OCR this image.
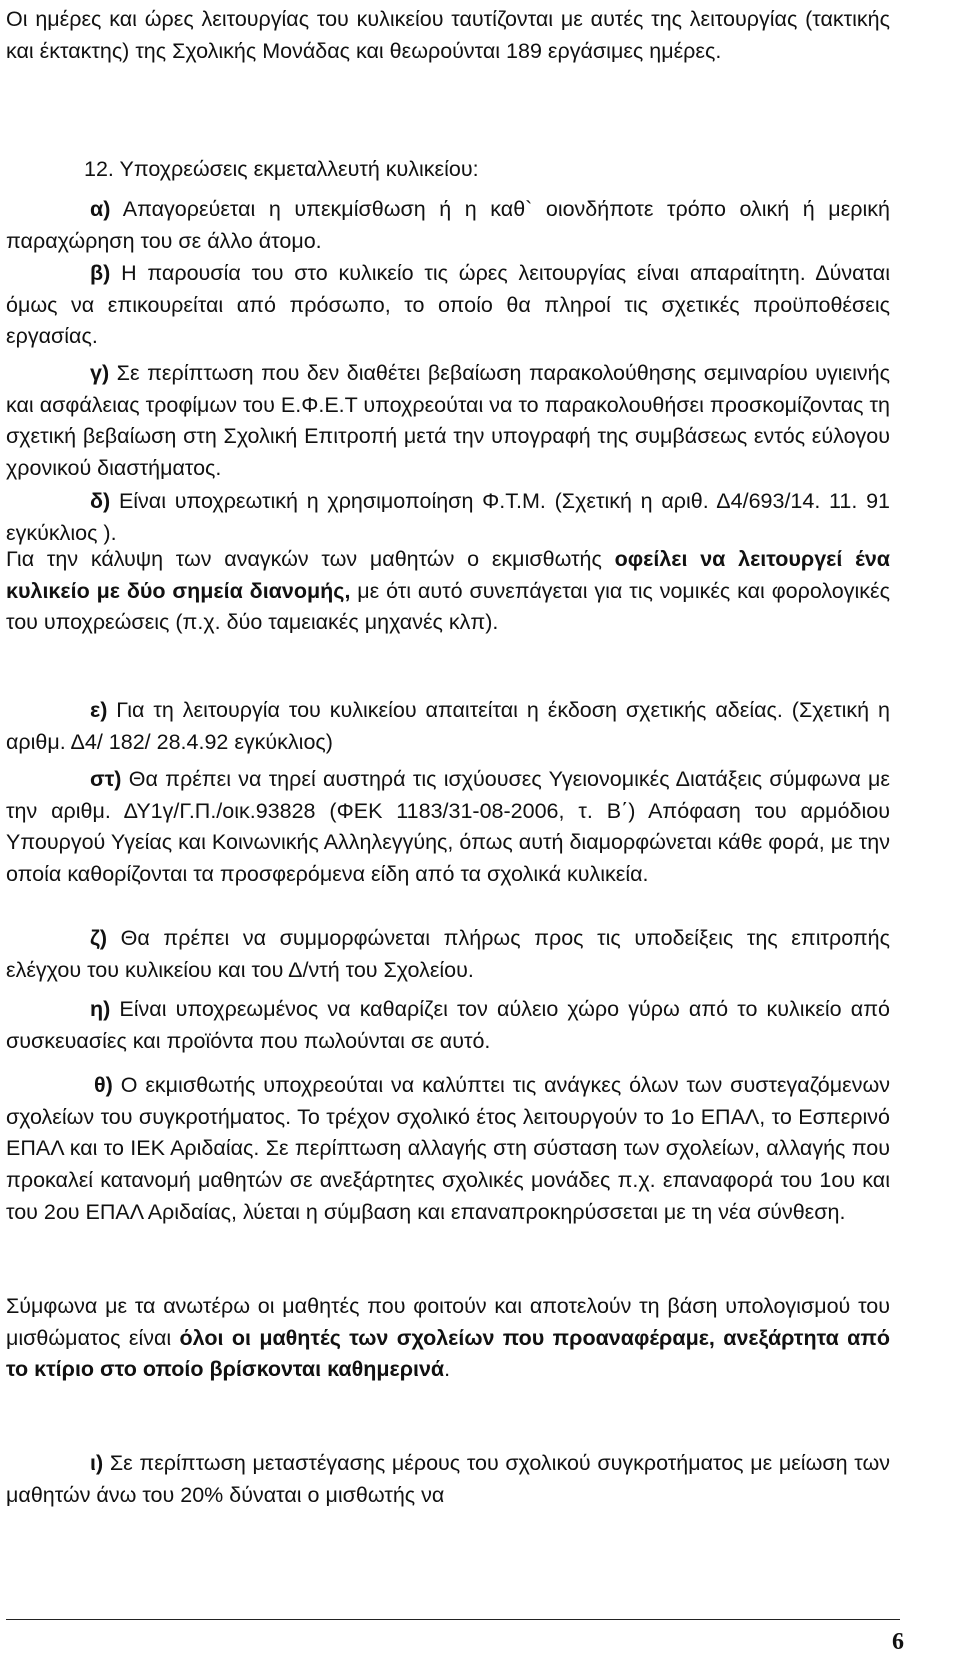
Οι ημέρες και ώρες λειτουργίας του κυλικείου ταυτίζονται με αυτές της λειτουργίας (τακτικής και έκτακτης) της Σχολικής Μονάδας και θεωρούνται 189 εργάσιμες ημέρες.

12. Υποχρεώσεις εκμεταλλευτή κυλικείου:

α) Απαγορεύεται η υπεκμίσθωση ή η καθ` οιονδήποτε τρόπο ολική ή μερική παραχώρηση του σε άλλο άτομο.

β) Η παρουσία του στο κυλικείο τις ώρες λειτουργίας είναι απαραίτητη. Δύναται όμως να επικουρείται από πρόσωπο, το οποίο θα πληροί τις σχετικές προϋποθέσεις εργασίας.

γ) Σε περίπτωση που δεν διαθέτει βεβαίωση παρακολούθησης σεμιναρίου υγιεινής και ασφάλειας τροφίμων του Ε.Φ.Ε.Τ υποχρεούται να το παρακολουθήσει προσκομίζοντας τη σχετική βεβαίωση στη Σχολική Επιτροπή μετά την υπογραφή της συμβάσεως εντός εύλογου χρονικού διαστήματος.

δ) Είναι υποχρεωτική η χρησιμοποίηση Φ.Τ.Μ. (Σχετική η αριθ. Δ4/693/14. 11. 91 εγκύκλιος ).

Για την κάλυψη των αναγκών των μαθητών ο εκμισθωτής οφείλει να λειτουργεί ένα κυλικείο με δύο σημεία διανομής, με ότι αυτό συνεπάγεται για τις νομικές και φορολογικές του υποχρεώσεις (π.χ. δύο ταμειακές μηχανές κλπ).

ε) Για τη λειτουργία του κυλικείου απαιτείται η έκδοση σχετικής αδείας. (Σχετική η αριθμ. Δ4/ 182/ 28.4.92 εγκύκλιος)

στ) Θα πρέπει να τηρεί αυστηρά τις ισχύουσες Υγειονομικές Διατάξεις σύμφωνα με την αριθμ. ΔΥ1γ/Γ.Π./οικ.93828 (ΦΕΚ 1183/31-08-2006, τ. Β΄) Απόφαση του αρμόδιου Υπουργού Υγείας και Κοινωνικής Αλληλεγγύης, όπως αυτή διαμορφώνεται κάθε φορά, με την οποία καθορίζονται τα προσφερόμενα είδη από τα σχολικά κυλικεία.

ζ) Θα πρέπει να συμμορφώνεται πλήρως προς τις υποδείξεις της επιτροπής ελέγχου του κυλικείου και του Δ/ντή του Σχολείου.

η) Είναι υποχρεωμένος να καθαρίζει τον αύλειο χώρο γύρω από το κυλικείο από συσκευασίες και προϊόντα που πωλούνται σε αυτό.

θ) Ο εκμισθωτής υποχρεούται να καλύπτει τις ανάγκες όλων των συστεγαζόμενων σχολείων του συγκροτήματος. Το τρέχον σχολικό έτος λειτουργούν το 1ο ΕΠΑΛ, το Εσπερινό ΕΠΑΛ και το ΙΕΚ Αριδαίας. Σε περίπτωση αλλαγής στη σύσταση των σχολείων, αλλαγής που προκαλεί κατανομή μαθητών σε ανεξάρτητες σχολικές μονάδες π.χ. επαναφορά του 1ου και του 2ου ΕΠΑΛ Αριδαίας, λύεται η σύμβαση και επαναπροκηρύσσεται με τη νέα σύνθεση.

Σύμφωνα με τα ανωτέρω οι μαθητές που φοιτούν και αποτελούν τη βάση υπολογισμού του μισθώματος είναι όλοι οι μαθητές των σχολείων που προαναφέραμε, ανεξάρτητα από το κτίριο στο οποίο βρίσκονται καθημερινά.

ι) Σε περίπτωση μεταστέγασης μέρους του σχολικού συγκροτήματος με μείωση των μαθητών άνω του 20% δύναται ο μισθωτής να

6
